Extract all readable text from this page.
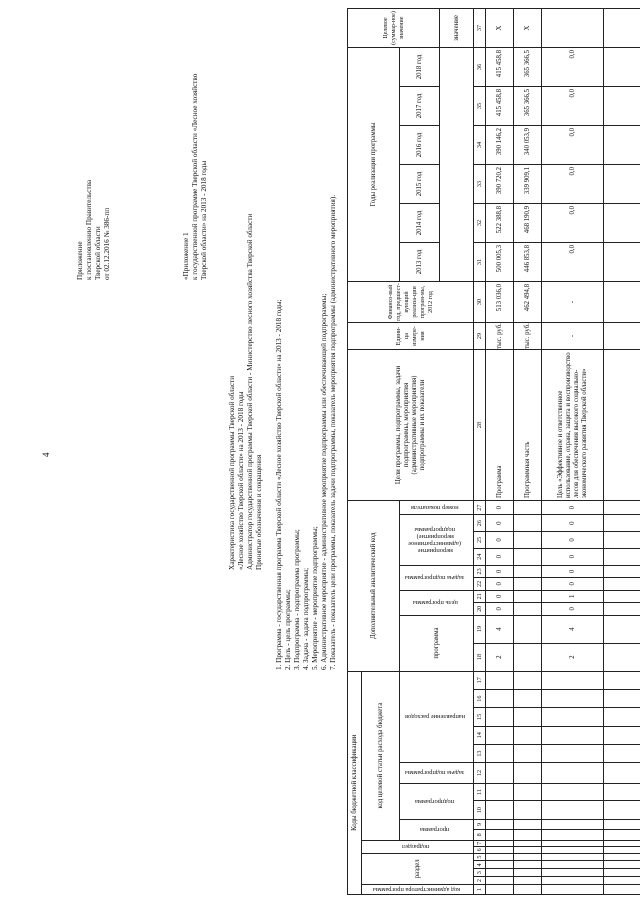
4
Приложение к постановлению Правительства Тверской области от 02.12.2016 № 386-пп	«Приложение 1 к государственной программе Тверской области «Лесное хозяйство Тверской области» на 2013 - 2018 годы
Характеристика государственной программы Тверской области «Лесное хозяйство Тверской области» на 2013 - 2018 годы Администратор государственной программы Тверской области - Министерство лесного хозяйства Тверской области Принятые обозначения и сокращения 1. Программа - государственная программа Тверской области «Лесное хозяйство Тверской области» на 2013 - 2018 годы; 2. Цель - цель программы; 3. Подпрограмма - подпрограмма программы; 4. Задача - задача подпрограммы; 5. Мероприятие - мероприятие подпрограммы; 6. Административное мероприятие - административное мероприятие подпрограммы или обеспечивающей подпрограммы; 7. Показатель - показатель цели программы, показатель задачи подпрограммы, показатель мероприятия подпрограммы (административного мероприятия).
Коды бюджетной классификации																	Дополнительный аналитический код										Цели программы, подпрограммы, задачи подпрограммы, мероприятия (административные мероприятия) подпрограммы и их показатели	Едини-ца измере-ния	Финансо-вый год, предшест-вующий реализа-ции програм-мы, 2012 год	Годы реализации программы						Целевое (суммар-ное) значение
код администратора программы	раздел				подраздел		код целевой статьи расхода бюджета																													
							программа		подпрограмма		задача подпрограммы	направление расходов					программа		цель программы		задача подпрограммы		мероприятие (административное мероприятие) подпрограммы			номер показателя				2013 год	2014 год	2015 год	2016 год	2017 год	2018 год	
																																				значение
1	2	3	4	5	6	7	8	9	10	11	12	13	14	15	16	17	18	19	20	21	22	23	24	25	26	27	28	29	30	31	32	33	34	35	36	37
																	2	4	0	0	0	0	0	0	0	0	Программа	тыс. руб.	513 036,0	500 005,3	522 388,8	390 720,2	390 146,2	415 458,8	415 458,8	X
																											Программная часть	тыс. руб.	462 494,8	446 853,8	468 190,9	339 909,1	340 053,9	365 366,5	365 366,5	X
																	2	4	0	1	0	0	0	0	0	0	Цель «Эффективное и ответственное использование, охрана, защита и воспроизводство лесов для обеспечения высокого социально-экономического развития Тверской области»	-	-	0,0	0,0	0,0	0,0	0,0	0,0	
